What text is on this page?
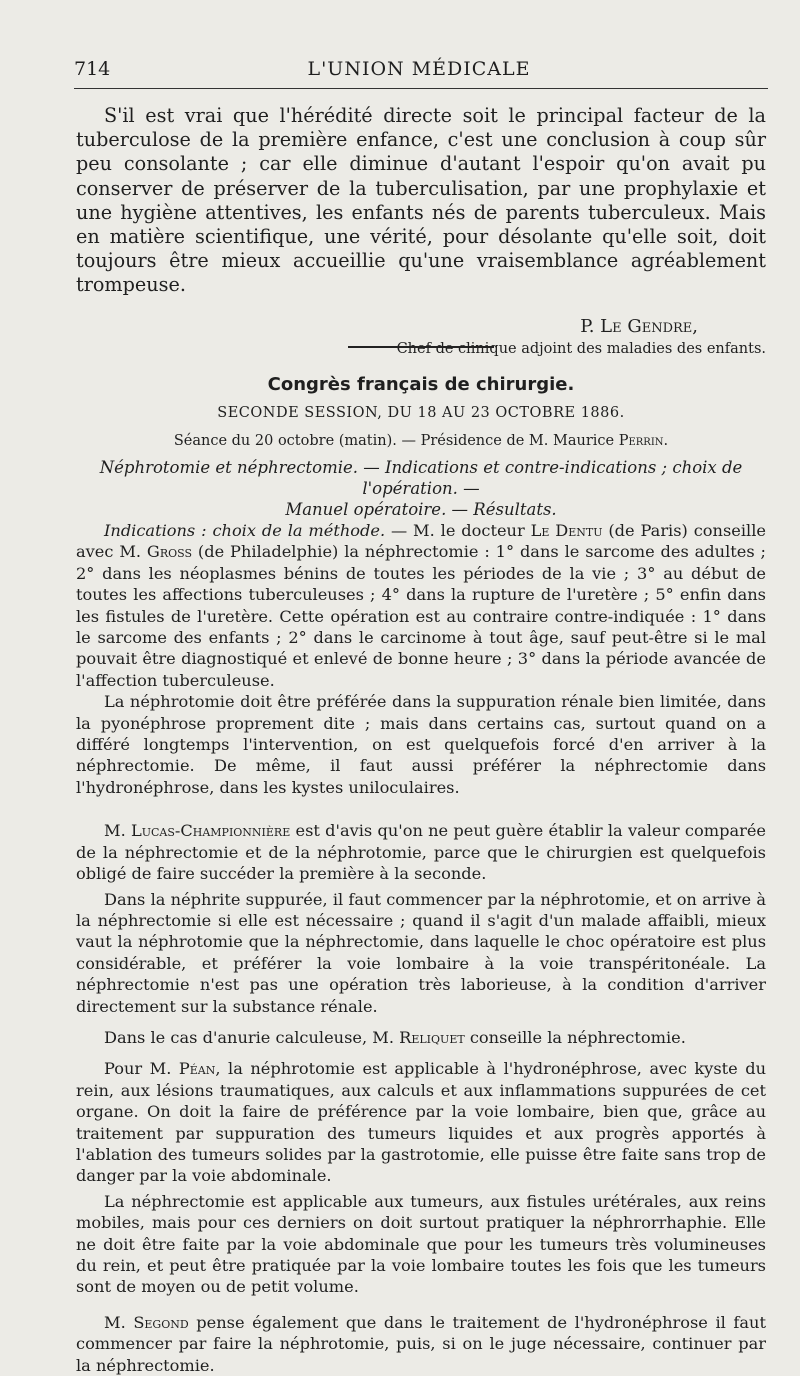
714	L'UNION MÉDICALE

S'il est vrai que l'hérédité directe soit le principal facteur de la tuberculose de la première enfance, c'est une conclusion à coup sûr peu consolante ; car elle diminue d'autant l'espoir qu'on avait pu conserver de préserver de la tuberculisation, par une prophylaxie et une hygiène attentives, les enfants nés de parents tuberculeux. Mais en matière scientifique, une vérité, pour désolante qu'elle soit, doit toujours être mieux accueillie qu'une vraisemblance agréablement trompeuse.

P. Le Gendre,
Chef de clinique adjoint des maladies des enfants.
Congrès français de chirurgie.
SECONDE SESSION, DU 18 AU 23 OCTOBRE 1886.
Séance du 20 octobre (matin). — Présidence de M. Maurice Perrin.
Néphrotomie et néphrectomie. — Indications et contre-indications ; choix de l'opération. —
Manuel opératoire. — Résultats.

Indications : choix de la méthode. — M. le docteur Le Dentu (de Paris) conseille avec M. Gross (de Philadelphie) la néphrectomie : 1° dans le sarcome des adultes ; 2° dans les néoplasmes bénins de toutes les périodes de la vie ; 3° au début de toutes les affections tuberculeuses ; 4° dans la rupture de l'uretère ; 5° enfin dans les fistules de l'uretère. Cette opération est au contraire contre-indiquée : 1° dans le sarcome des enfants ; 2° dans le carcinome à tout âge, sauf peut-être si le mal pouvait être diagnostiqué et enlevé de bonne heure ; 3° dans la période avancée de l'affection tuberculeuse.

La néphrotomie doit être préférée dans la suppuration rénale bien limitée, dans la pyonéphrose proprement dite ; mais dans certains cas, surtout quand on a différé longtemps l'intervention, on est quelquefois forcé d'en arriver à la néphrectomie. De même, il faut aussi préférer la néphrectomie dans l'hydronéphrose, dans les kystes uniloculaires.

M. Lucas-Championnière est d'avis qu'on ne peut guère établir la valeur comparée de la néphrectomie et de la néphrotomie, parce que le chirurgien est quelquefois obligé de faire succéder la première à la seconde.

Dans la néphrite suppurée, il faut commencer par la néphrotomie, et on arrive à la néphrectomie si elle est nécessaire ; quand il s'agit d'un malade affaibli, mieux vaut la néphrotomie que la néphrectomie, dans laquelle le choc opératoire est plus considérable, et préférer la voie lombaire à la voie transpéritonéale. La néphrectomie n'est pas une opération très laborieuse, à la condition d'arriver directement sur la substance rénale.

Dans le cas d'anurie calculeuse, M. Reliquet conseille la néphrectomie.

Pour M. Péan, la néphrotomie est applicable à l'hydronéphrose, avec kyste du rein, aux lésions traumatiques, aux calculs et aux inflammations suppurées de cet organe. On doit la faire de préférence par la voie lombaire, bien que, grâce au traitement par suppuration des tumeurs liquides et aux progrès apportés à l'ablation des tumeurs solides par la gastrotomie, elle puisse être faite sans trop de danger par la voie abdominale.

La néphrectomie est applicable aux tumeurs, aux fistules urétérales, aux reins mobiles, mais pour ces derniers on doit surtout pratiquer la néphrorrhaphie. Elle ne doit être faite par la voie abdominale que pour les tumeurs très volumineuses du rein, et peut être pratiquée par la voie lombaire toutes les fois que les tumeurs sont de moyen ou de petit volume.

M. Segond pense également que dans le traitement de l'hydronéphrose il faut commencer par faire la néphrotomie, puis, si on le juge nécessaire, continuer par la néphrectomie.
